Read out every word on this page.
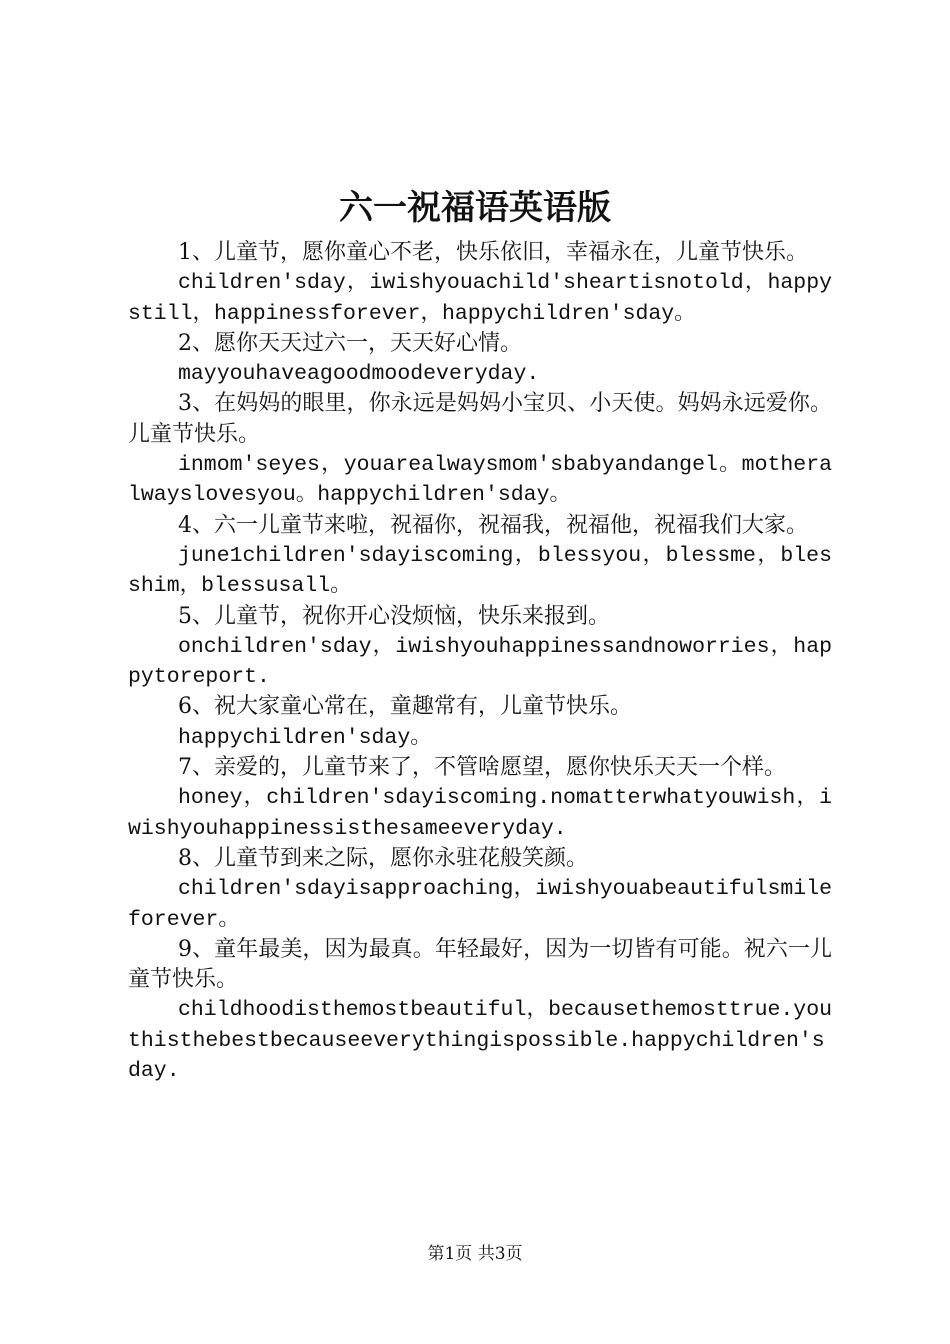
六一祝福语英语版

1、儿童节，愿你童心不老，快乐依旧，幸福永在，儿童节快乐。

children'sday，iwishyouachild'sheartisnotold，happystill，happinessforever，happychildren'sday。

2、愿你天天过六一，天天好心情。

mayyouhaveagoodmoodeveryday.

3、在妈妈的眼里，你永远是妈妈小宝贝、小天使。妈妈永远爱你。儿童节快乐。

inmom'seyes，youarealwaysmom'sbabyandangel。motheralwayslovesyou。happychildren'sday。

4、六一儿童节来啦，祝福你，祝福我，祝福他，祝福我们大家。

june1children'sdayiscoming，blessyou，blessme，blesshim，blessusall。

5、儿童节，祝你开心没烦恼，快乐来报到。

onchildren'sday，iwishyouhappinessandnoworries，happytoreport.

6、祝大家童心常在，童趣常有，儿童节快乐。

happychildren'sday。

7、亲爱的，儿童节来了，不管啥愿望，愿你快乐天天一个样。

honey，children'sdayiscoming.nomatterwhatyouwish，iwishyouhappinessisthesameeveryday.

8、儿童节到来之际，愿你永驻花般笑颜。

children'sdayisapproaching，iwishyouabeautifulsmileforever。

9、童年最美，因为最真。年轻最好，因为一切皆有可能。祝六一儿童节快乐。

childhoodisthemostbeautiful，becausethemosttrue.youthisthebestbecauseeverythingispossible.happychildren'sday.

第1页 共3页
